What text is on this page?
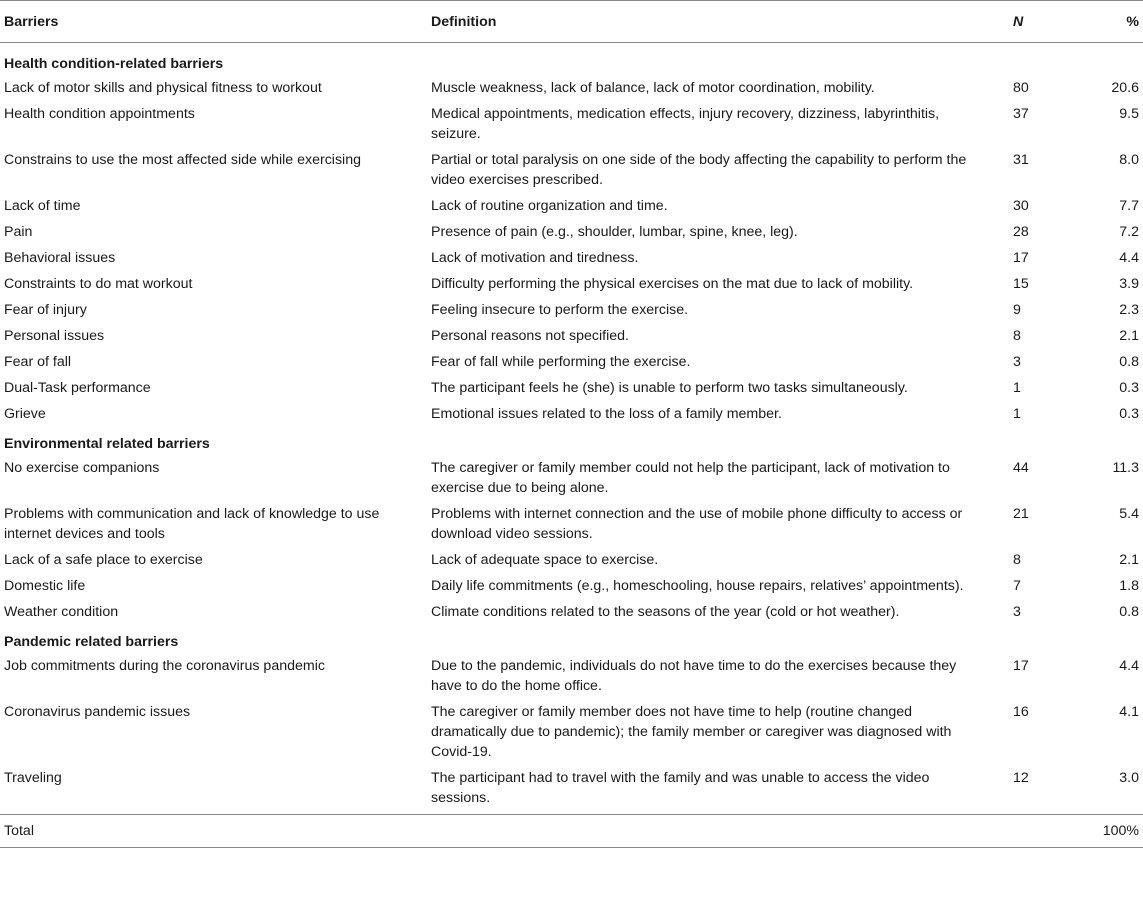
Barriers	Definition	N	%
Health condition-related barriers			
Lack of motor skills and physical fitness to workout	Muscle weakness, lack of balance, lack of motor coordination, mobility.	80	20.6
Health condition appointments	Medical appointments, medication effects, injury recovery, dizziness, labyrinthitis, seizure.	37	9.5
Constrains to use the most affected side while exercising	Partial or total paralysis on one side of the body affecting the capability to perform the video exercises prescribed.	31	8.0
Lack of time	Lack of routine organization and time.	30	7.7
Pain	Presence of pain (e.g., shoulder, lumbar, spine, knee, leg).	28	7.2
Behavioral issues	Lack of motivation and tiredness.	17	4.4
Constraints to do mat workout	Difficulty performing the physical exercises on the mat due to lack of mobility.	15	3.9
Fear of injury	Feeling insecure to perform the exercise.	9	2.3
Personal issues	Personal reasons not specified.	8	2.1
Fear of fall	Fear of fall while performing the exercise.	3	0.8
Dual-Task performance	The participant feels he (she) is unable to perform two tasks simultaneously.	1	0.3
Grieve	Emotional issues related to the loss of a family member.	1	0.3
Environmental related barriers			
No exercise companions	The caregiver or family member could not help the participant, lack of motivation to exercise due to being alone.	44	11.3
Problems with communication and lack of knowledge to use internet devices and tools	Problems with internet connection and the use of mobile phone difficulty to access or download video sessions.	21	5.4
Lack of a safe place to exercise	Lack of adequate space to exercise.	8	2.1
Domestic life	Daily life commitments (e.g., homeschooling, house repairs, relatives’ appointments).	7	1.8
Weather condition	Climate conditions related to the seasons of the year (cold or hot weather).	3	0.8
Pandemic related barriers			
Job commitments during the coronavirus pandemic	Due to the pandemic, individuals do not have time to do the exercises because they have to do the home office.	17	4.4
Coronavirus pandemic issues	The caregiver or family member does not have time to help (routine changed dramatically due to pandemic); the family member or caregiver was diagnosed with Covid-19.	16	4.1
Traveling	The participant had to travel with the family and was unable to access the video sessions.	12	3.0
Total			100%
